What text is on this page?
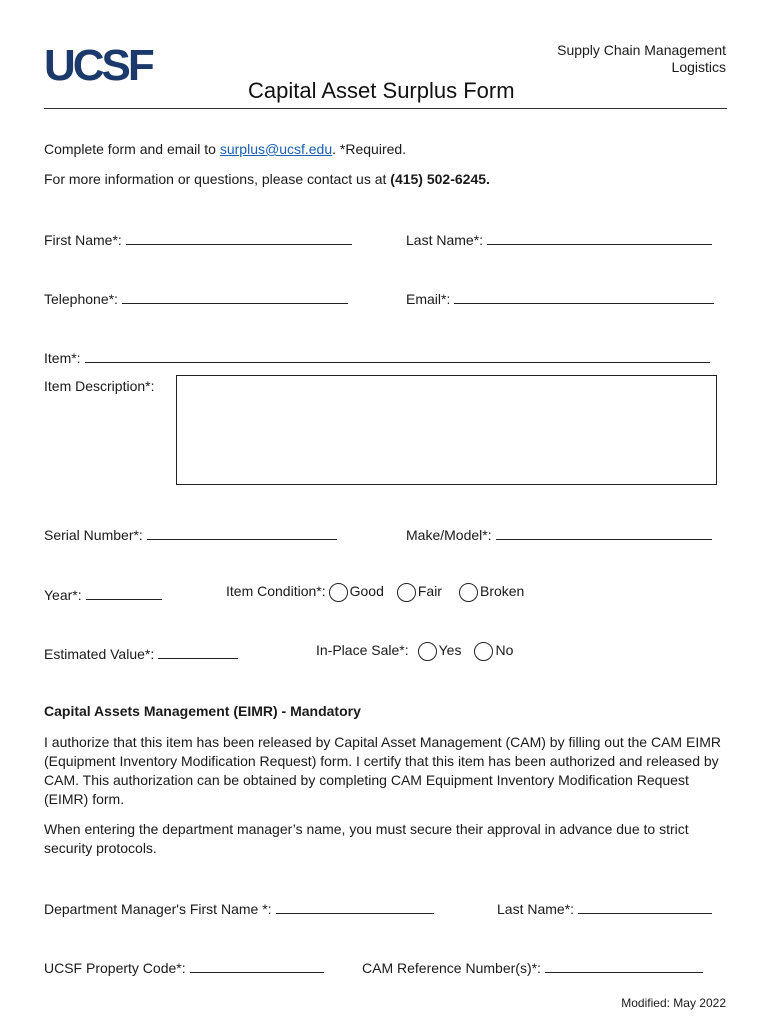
UCSF	Supply Chain Management
Logistics
Capital Asset Surplus Form
Complete form and email to surplus@ucsf.edu. *Required.
For more information or questions, please contact us at (415) 502-6245.
First Name*:	Last Name*:
Telephone*:	Email*:
Item*:
Item Description*:
Serial Number*:	Make/Model*:
Year*:	Item Condition*: Good Fair	Broken
Estimated Value*:	In-Place Sale*: Yes No
Capital Assets Management (EIMR) - Mandatory
I authorize that this item has been released by Capital Asset Management (CAM) by filling out the CAM EIMR (Equipment Inventory Modification Request) form. I certify that this item has been authorized and released by CAM. This authorization can be obtained by completing CAM Equipment Inventory Modification Request (EIMR) form.
When entering the department manager’s name, you must secure their approval in advance due to strict security protocols.
Department Manager's First Name *:	Last Name*:
UCSF Property Code*:	CAM Reference Number(s)*:
Modified: May 2022
